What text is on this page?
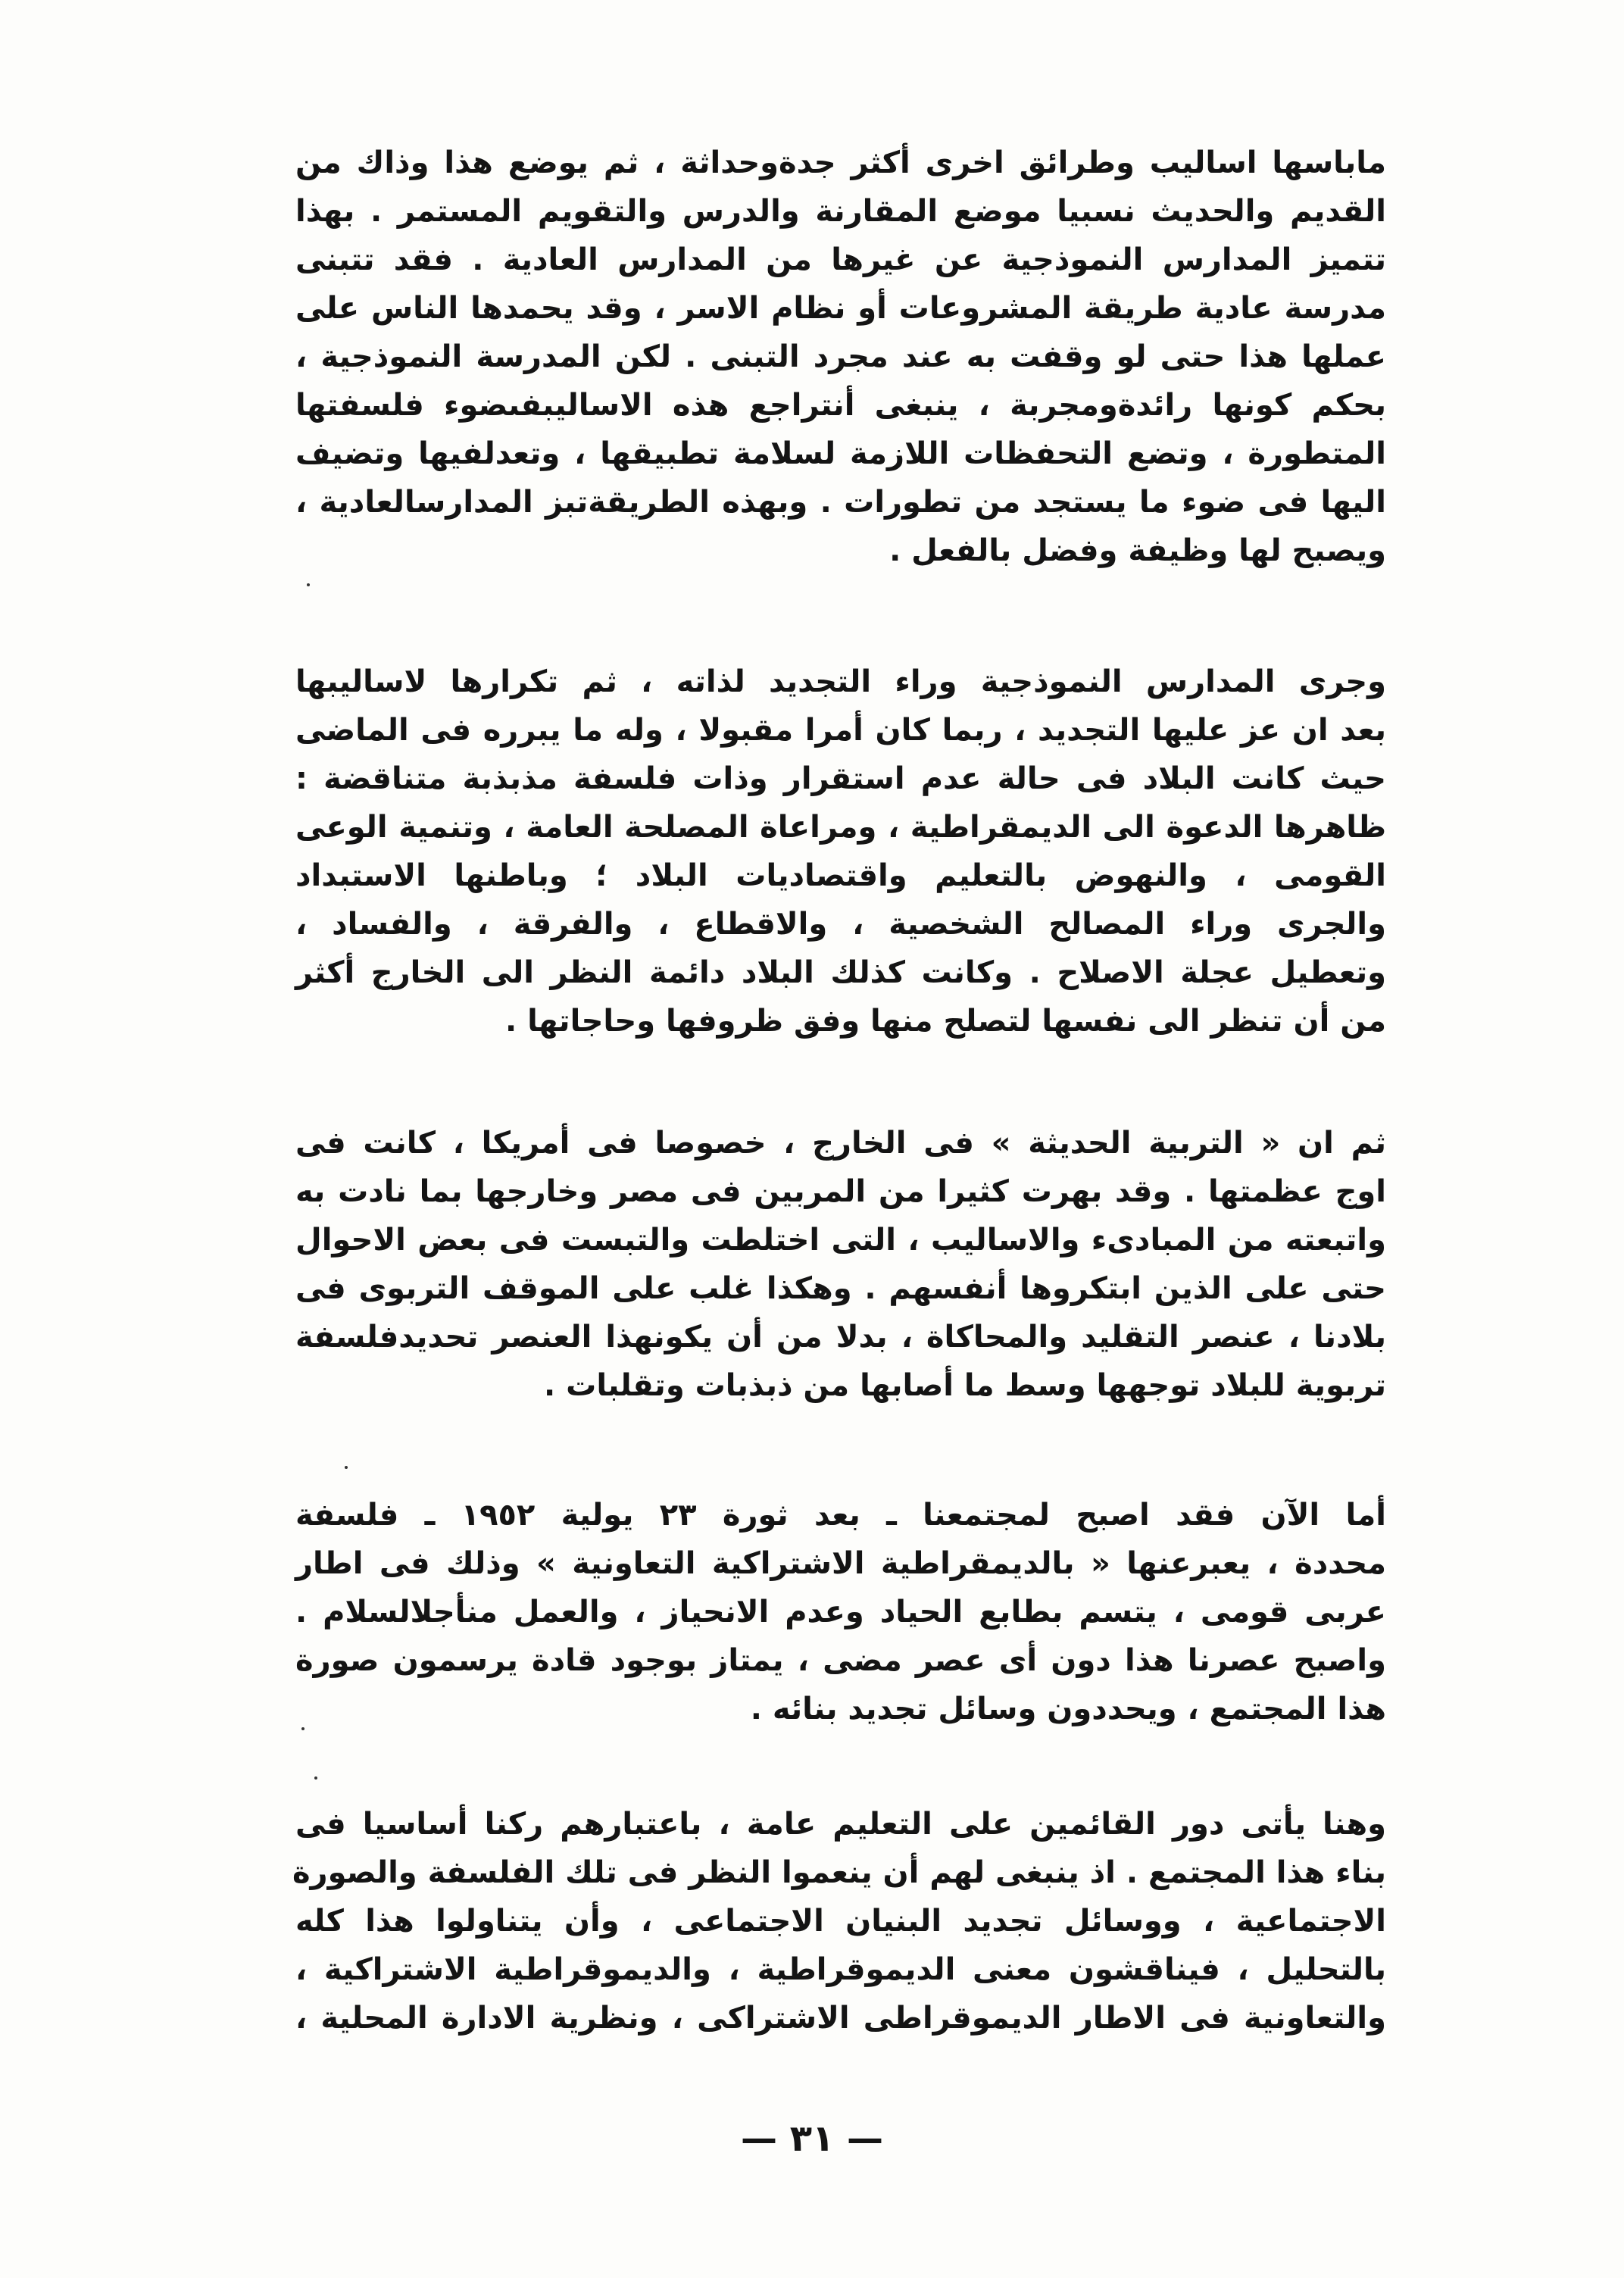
ماباسها اساليب وطرائق اخرى أكثر جدةوحداثة ، ثم يوضع هذا وذاك من
القديم والحديث نسبيا موضع المقارنة والدرس والتقويم المستمر . بهذا
تتميز المدارس النموذجية عن غيرها من المدارس العادية . فقد تتبنى
مدرسة عادية طريقة المشروعات أو نظام الاسر ، وقد يحمدها الناس على
عملها هذا حتى لو وقفت به عند مجرد التبنى . لكن المدرسة النموذجية ،
بحكم كونها رائدةومجربة ، ينبغى أنتراجع هذه الاساليبفىضوء فلسفتها
المتطورة ، وتضع التحفظات اللازمة لسلامة تطبيقها ، وتعدلفيها وتضيف
اليها فى ضوء ما يستجد من تطورات . وبهذه الطريقةتبز المدارسالعادية ،
ويصبح لها وظيفة وفضل بالفعل .
وجرى المدارس النموذجية وراء التجديد لذاته ، ثم تكرارها لاساليبها
بعد ان عز عليها التجديد ، ربما كان أمرا مقبولا ، وله ما يبرره فى الماضى
حيث كانت البلاد فى حالة عدم استقرار وذات فلسفة مذبذبة متناقضة :
ظاهرها الدعوة الى الديمقراطية ، ومراعاة المصلحة العامة ، وتنمية الوعى
القومى ، والنهوض بالتعليم واقتصاديات البلاد ؛ وباطنها الاستبداد
والجرى وراء المصالح الشخصية ، والاقطاع ، والفرقة ، والفساد ،
وتعطيل عجلة الاصلاح . وكانت كذلك البلاد دائمة النظر الى الخارج أكثر
من أن تنظر الى نفسها لتصلح منها وفق ظروفها وحاجاتها .
ثم ان « التربية الحديثة » فى الخارج ، خصوصا فى أمريكا ، كانت فى
اوج عظمتها . وقد بهرت كثيرا من المربين فى مصر وخارجها بما نادت به
واتبعته من المبادىء والاساليب ، التى اختلطت والتبست فى بعض الاحوال
حتى على الذين ابتكروها أنفسهم . وهكذا غلب على الموقف التربوى فى
بلادنا ، عنصر التقليد والمحاكاة ، بدلا من أن يكونهذا العنصر تحديدفلسفة
تربوية للبلاد توجهها وسط ما أصابها من ذبذبات وتقلبات .
أما الآن فقد اصبح لمجتمعنا ـ بعد ثورة ٢٣ يولية ١٩٥٢ ـ فلسفة
محددة ، يعبرعنها « بالديمقراطية الاشتراكية التعاونية » وذلك فى اطار
عربى قومى ، يتسم بطابع الحياد وعدم الانحياز ، والعمل منأجلالسلام .
واصبح عصرنا هذا دون أى عصر مضى ، يمتاز بوجود قادة يرسمون صورة
هذا المجتمع ، ويحددون وسائل تجديد بنائه .
وهنا يأتى دور القائمين على التعليم عامة ، باعتبارهم ركنا أساسيا فى
بناء هذا المجتمع . اذ ينبغى لهم أن ينعموا النظر فى تلك الفلسفة والصورة
الاجتماعية ، ووسائل تجديد البنيان الاجتماعى ، وأن يتناولوا هذا كله
بالتحليل ، فيناقشون معنى الديموقراطية ، والديموقراطية الاشتراكية ،
والتعاونية فى الاطار الديموقراطى الاشتراكى ، ونظرية الادارة المحلية ،
— ٣١ —
